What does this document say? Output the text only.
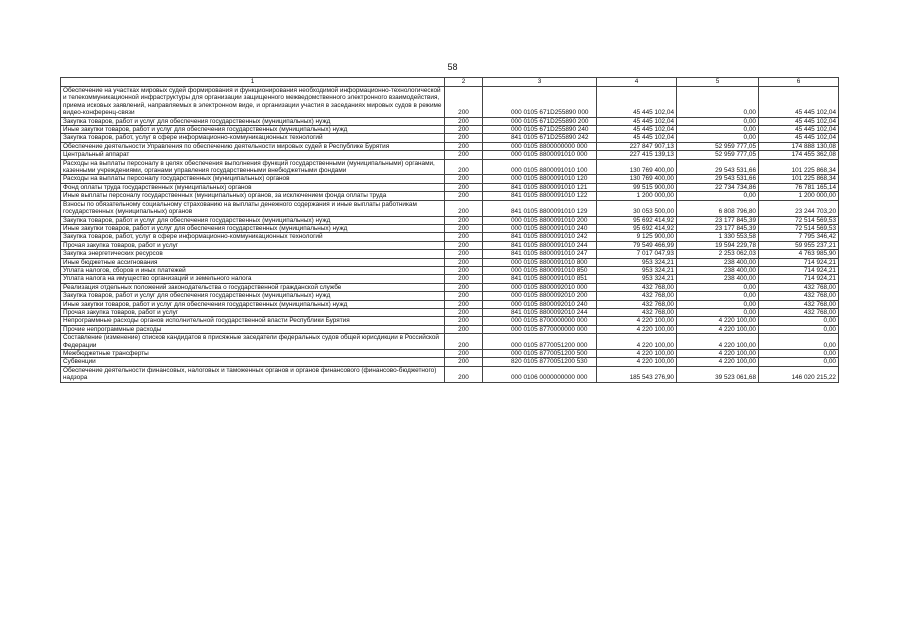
58
1	2	3	4	5	6
Обеспечение на участках мировых судей формирования и функционирования необходимой информационно-технологической и телекоммуникационной инфраструктуры для организации защищенного межведомственного электронного взаимодействия, приема исковых заявлений, направляемых в электронном виде, и организации участия в заседаниях мировых судов в режиме видео-конференц-связи	200	000 0105 671D255890 000	45 445 102,04	0,00	45 445 102,04
Закупка товаров, работ и услуг для обеспечения государственных (муниципальных) нужд	200	000 0105 671D255890 200	45 445 102,04	0,00	45 445 102,04
Иные закупки товаров, работ и услуг для обеспечения государственных (муниципальных) нужд	200	000 0105 671D255890 240	45 445 102,04	0,00	45 445 102,04
Закупка товаров, работ, услуг в сфере информационно-коммуникационных технологий	200	841 0105 671D255890 242	45 445 102,04	0,00	45 445 102,04
Обеспечение деятельности Управления по обеспечению деятельности мировых судей в Республике Бурятия	200	000 0105 8800000000 000	227 847 907,13	52 959 777,05	174 888 130,08
Центральный аппарат	200	000 0105 8800091010 000	227 415 139,13	52 959 777,05	174 455 362,08
Расходы на выплаты персоналу в целях обеспечения выполнения функций государственными (муниципальными) органами, казенными учреждениями, органами управления государственными внебюджетными фондами	200	000 0105 8800091010 100	130 769 400,00	29 543 531,66	101 225 868,34
Расходы на выплаты персоналу государственных (муниципальных) органов	200	000 0105 8800091010 120	130 769 400,00	29 543 531,66	101 225 868,34
Фонд оплаты труда государственных (муниципальных) органов	200	841 0105 8800091010 121	99 515 900,00	22 734 734,86	76 781 165,14
Иные выплаты персоналу государственных (муниципальных) органов, за исключением фонда оплаты труда	200	841 0105 8800091010 122	1 200 000,00	0,00	1 200 000,00
Взносы по обязательному социальному страхованию на выплаты денежного содержания и иные выплаты работникам государственных (муниципальных) органов	200	841 0105 8800091010 129	30 053 500,00	6 808 796,80	23 244 703,20
Закупка товаров, работ и услуг для обеспечения государственных (муниципальных) нужд	200	000 0105 8800091010 200	95 692 414,92	23 177 845,39	72 514 569,53
Иные закупки товаров, работ и услуг для обеспечения государственных (муниципальных) нужд	200	000 0105 8800091010 240	95 692 414,92	23 177 845,39	72 514 569,53
Закупка товаров, работ, услуг в сфере информационно-коммуникационных технологий	200	841 0105 8800091010 242	9 125 900,00	1 330 553,58	7 795 346,42
Прочая закупка товаров, работ и услуг	200	841 0105 8800091010 244	79 549 466,99	19 594 229,78	59 955 237,21
Закупка энергетических ресурсов	200	841 0105 8800091010 247	7 017 047,93	2 253 062,03	4 763 985,90
Иные бюджетные ассигнования	200	000 0105 8800091010 800	953 324,21	238 400,00	714 924,21
Уплата налогов, сборов и иных платежей	200	000 0105 8800091010 850	953 324,21	238 400,00	714 924,21
Уплата налога на имущество организаций и земельного налога	200	841 0105 8800091010 851	953 324,21	238 400,00	714 924,21
Реализация отдельных положений законодательства о государственной гражданской службе	200	000 0105 8800092010 000	432 768,00	0,00	432 768,00
Закупка товаров, работ и услуг для обеспечения государственных (муниципальных) нужд	200	000 0105 8800092010 200	432 768,00	0,00	432 768,00
Иные закупки товаров, работ и услуг для обеспечения государственных (муниципальных) нужд	200	000 0105 8800092010 240	432 768,00	0,00	432 768,00
Прочая закупка товаров, работ и услуг	200	841 0105 8800092010 244	432 768,00	0,00	432 768,00
Непрограммные расходы органов исполнительной государственной власти Республики Бурятия	200	000 0105 8700000000 000	4 220 100,00	4 220 100,00	0,00
Прочие непрограммные расходы	200	000 0105 8770000000 000	4 220 100,00	4 220 100,00	0,00
Составление (изменение) списков кандидатов в присяжные заседатели федеральных судов общей юрисдикции в Российской Федерации	200	000 0105 8770051200 000	4 220 100,00	4 220 100,00	0,00
Межбюджетные трансферты	200	000 0105 8770051200 500	4 220 100,00	4 220 100,00	0,00
Субвенции	200	820 0105 8770051200 530	4 220 100,00	4 220 100,00	0,00
Обеспечение деятельности финансовых, налоговых и таможенных органов и органов финансового (финансово-бюджетного) надзора	200	000 0106 0000000000 000	185 543 276,90	39 523 061,68	146 020 215,22
